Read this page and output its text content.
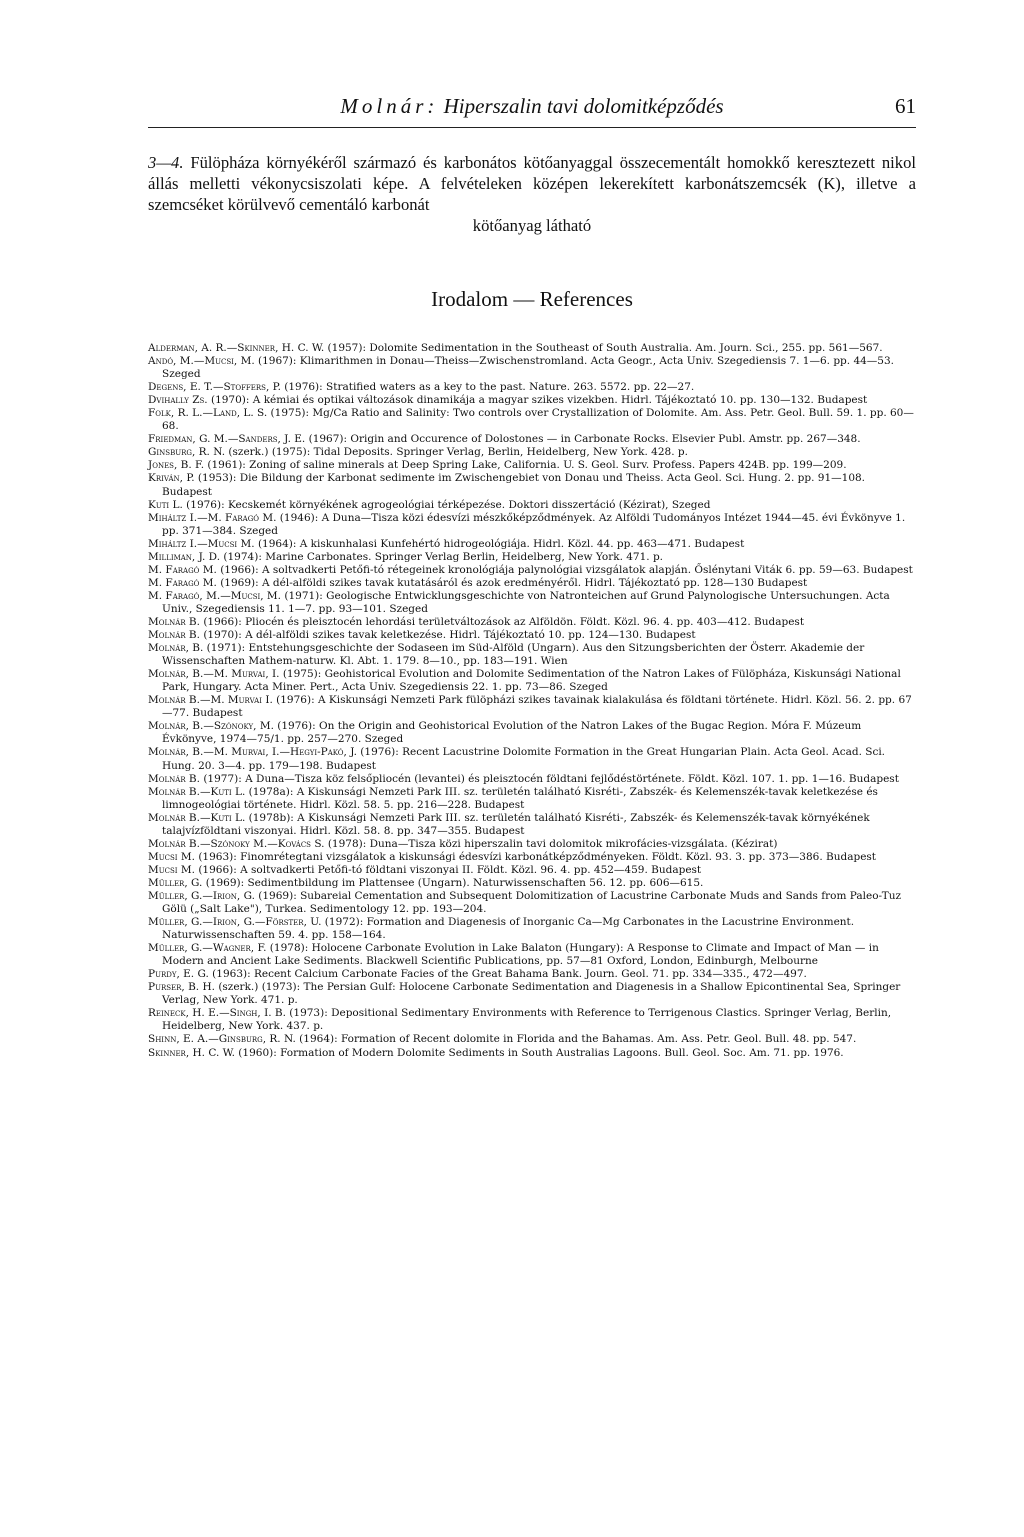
Molnár: Hiperszalin tavi dolomitképződés	61

3—4. Fülöpháza környékéről származó és karbonátos kötőanyaggal összecementált homokkő keresztezett nikol állás melletti vékonycsiszolati képe. A felvételeken középen lekerekített karbonátszemcsék (K), illetve a szemcséket körülvevő cementáló karbonát
kötőanyag látható

Irodalom — References
Alderman, A. R.—Skinner, H. C. W. (1957): Dolomite Sedimentation in the Southeast of South Australia. Am. Journ. Sci., 255. pp. 561—567.
Andó, M.—Mucsi, M. (1967): Klimarithmen in Donau—Theiss—Zwischenstromland. Acta Geogr., Acta Univ. Szegediensis 7. 1—6. pp. 44—53. Szeged
Degens, E. T.—Stoffers, P. (1976): Stratified waters as a key to the past. Nature. 263. 5572. pp. 22—27.
Dvihally Zs. (1970): A kémiai és optikai változások dinamikája a magyar szikes vizekben. Hidrl. Tájékoztató 10. pp. 130—132. Budapest
Folk, R. L.—Land, L. S. (1975): Mg/Ca Ratio and Salinity: Two controls over Crystallization of Dolomite. Am. Ass. Petr. Geol. Bull. 59. 1. pp. 60—68.
Friedman, G. M.—Sanders, J. E. (1967): Origin and Occurence of Dolostones — in Carbonate Rocks. Elsevier Publ. Amstr. pp. 267—348.
Ginsburg, R. N. (szerk.) (1975): Tidal Deposits. Springer Verlag, Berlin, Heidelberg, New York. 428. p.
Jones, B. F. (1961): Zoning of saline minerals at Deep Spring Lake, California. U. S. Geol. Surv. Profess. Papers 424B. pp. 199—209.
Kriván, P. (1953): Die Bildung der Karbonat sedimente im Zwischengebiet von Donau und Theiss. Acta Geol. Sci. Hung. 2. pp. 91—108. Budapest
Kuti L. (1976): Kecskemét környékének agrogeológiai térképezése. Doktori disszertáció (Kézirat), Szeged
Miháltz I.—M. Faragó M. (1946): A Duna—Tisza közi édesvízi mészkőképződmények. Az Alföldi Tudományos Intézet 1944—45. évi Évkönyve 1. pp. 371—384. Szeged
Miháltz I.—Mucsi M. (1964): A kiskunhalasi Kunfehértó hidrogeológiája. Hidrl. Közl. 44. pp. 463—471. Budapest
Milliman, J. D. (1974): Marine Carbonates. Springer Verlag Berlin, Heidelberg, New York. 471. p.
M. Faragó M. (1966): A soltvadkerti Petőfi-tó rétegeinek kronológiája palynológiai vizsgálatok alapján. Őslénytani Viták 6. pp. 59—63. Budapest
M. Faragó M. (1969): A dél-alföldi szikes tavak kutatásáról és azok eredményéről. Hidrl. Tájékoztató pp. 128—130 Budapest
M. Faragó, M.—Mucsi, M. (1971): Geologische Entwicklungsgeschichte von Natronteichen auf Grund Palynologische Untersuchungen. Acta Univ., Szegediensis 11. 1—7. pp. 93—101. Szeged
Molnár B. (1966): Pliocén és pleisztocén lehordási területváltozások az Alföldön. Földt. Közl. 96. 4. pp. 403—412. Budapest
Molnár B. (1970): A dél-alföldi szikes tavak keletkezése. Hidrl. Tájékoztató 10. pp. 124—130. Budapest
Molnár, B. (1971): Entstehungsgeschichte der Sodaseen im Süd-Alföld (Ungarn). Aus den Sitzungsberichten der Österr. Akademie der Wissenschaften Mathem-naturw. Kl. Abt. 1. 179. 8—10., pp. 183—191. Wien
Molnár, B.—M. Murvai, I. (1975): Geohistorical Evolution and Dolomite Sedimentation of the Natron Lakes of Fülöpháza, Kiskunsági National Park, Hungary. Acta Miner. Pert., Acta Univ. Szegediensis 22. 1. pp. 73—86. Szeged
Molnár B.—M. Murvai I. (1976): A Kiskunsági Nemzeti Park fülöpházi szikes tavainak kialakulása és földtani története. Hidrl. Közl. 56. 2. pp. 67—77. Budapest
Molnár, B.—Szónoky, M. (1976): On the Origin and Geohistorical Evolution of the Natron Lakes of the Bugac Region. Móra F. Múzeum Évkönyve, 1974—75/1. pp. 257—270. Szeged
Molnár, B.—M. Murvai, I.—Hegyi-Pakó, J. (1976): Recent Lacustrine Dolomite Formation in the Great Hungarian Plain. Acta Geol. Acad. Sci. Hung. 20. 3—4. pp. 179—198. Budapest
Molnár B. (1977): A Duna—Tisza köz felsőpliocén (levantei) és pleisztocén földtani fejlődéstörténete. Földt. Közl. 107. 1. pp. 1—16. Budapest
Molnár B.—Kuti L. (1978a): A Kiskunsági Nemzeti Park III. sz. területén található Kisréti-, Zabszék- és Kelemenszék-tavak keletkezése és limnogeológiai története. Hidrl. Közl. 58. 5. pp. 216—228. Budapest
Molnár B.—Kuti L. (1978b): A Kiskunsági Nemzeti Park III. sz. területén található Kisréti-, Zabszék- és Kelemenszék-tavak környékének talajvízföldtani viszonyai. Hidrl. Közl. 58. 8. pp. 347—355. Budapest
Molnár B.—Szónoky M.—Kovács S. (1978): Duna—Tisza közi hiperszalin tavi dolomitok mikrofácies-vizsgálata. (Kézirat)
Mucsi M. (1963): Finomrétegtani vizsgálatok a kiskunsági édesvízi karbonátképződményeken. Földt. Közl. 93. 3. pp. 373—386. Budapest
Mucsi M. (1966): A soltvadkerti Petőfi-tó földtani viszonyai II. Földt. Közl. 96. 4. pp. 452—459. Budapest
Müller, G. (1969): Sedimentbildung im Plattensee (Ungarn). Naturwissenschaften 56. 12. pp. 606—615.
Müller, G.—Irion, G. (1969): Subareial Cementation and Subsequent Dolomitization of Lacustrine Carbonate Muds and Sands from Paleo-Tuz Gölü („Salt Lake"), Turkea. Sedimentology 12. pp. 193—204.
Müller, G.—Irion, G.—Förster, U. (1972): Formation and Diagenesis of Inorganic Ca—Mg Carbonates in the Lacustrine Environment. Naturwissenschaften 59. 4. pp. 158—164.
Müller, G.—Wagner, F. (1978): Holocene Carbonate Evolution in Lake Balaton (Hungary): A Response to Climate and Impact of Man — in Modern and Ancient Lake Sediments. Blackwell Scientific Publications, pp. 57—81 Oxford, London, Edinburgh, Melbourne
Purdy, E. G. (1963): Recent Calcium Carbonate Facies of the Great Bahama Bank. Journ. Geol. 71. pp. 334—335., 472—497.
Purser, B. H. (szerk.) (1973): The Persian Gulf: Holocene Carbonate Sedimentation and Diagenesis in a Shallow Epicontinental Sea, Springer Verlag, New York. 471. p.
Reineck, H. E.—Singh, I. B. (1973): Depositional Sedimentary Environments with Reference to Terrigenous Clastics. Springer Verlag, Berlin, Heidelberg, New York. 437. p.
Shinn, E. A.—Ginsburg, R. N. (1964): Formation of Recent dolomite in Florida and the Bahamas. Am. Ass. Petr. Geol. Bull. 48. pp. 547.
Skinner, H. C. W. (1960): Formation of Modern Dolomite Sediments in South Australias Lagoons. Bull. Geol. Soc. Am. 71. pp. 1976.
